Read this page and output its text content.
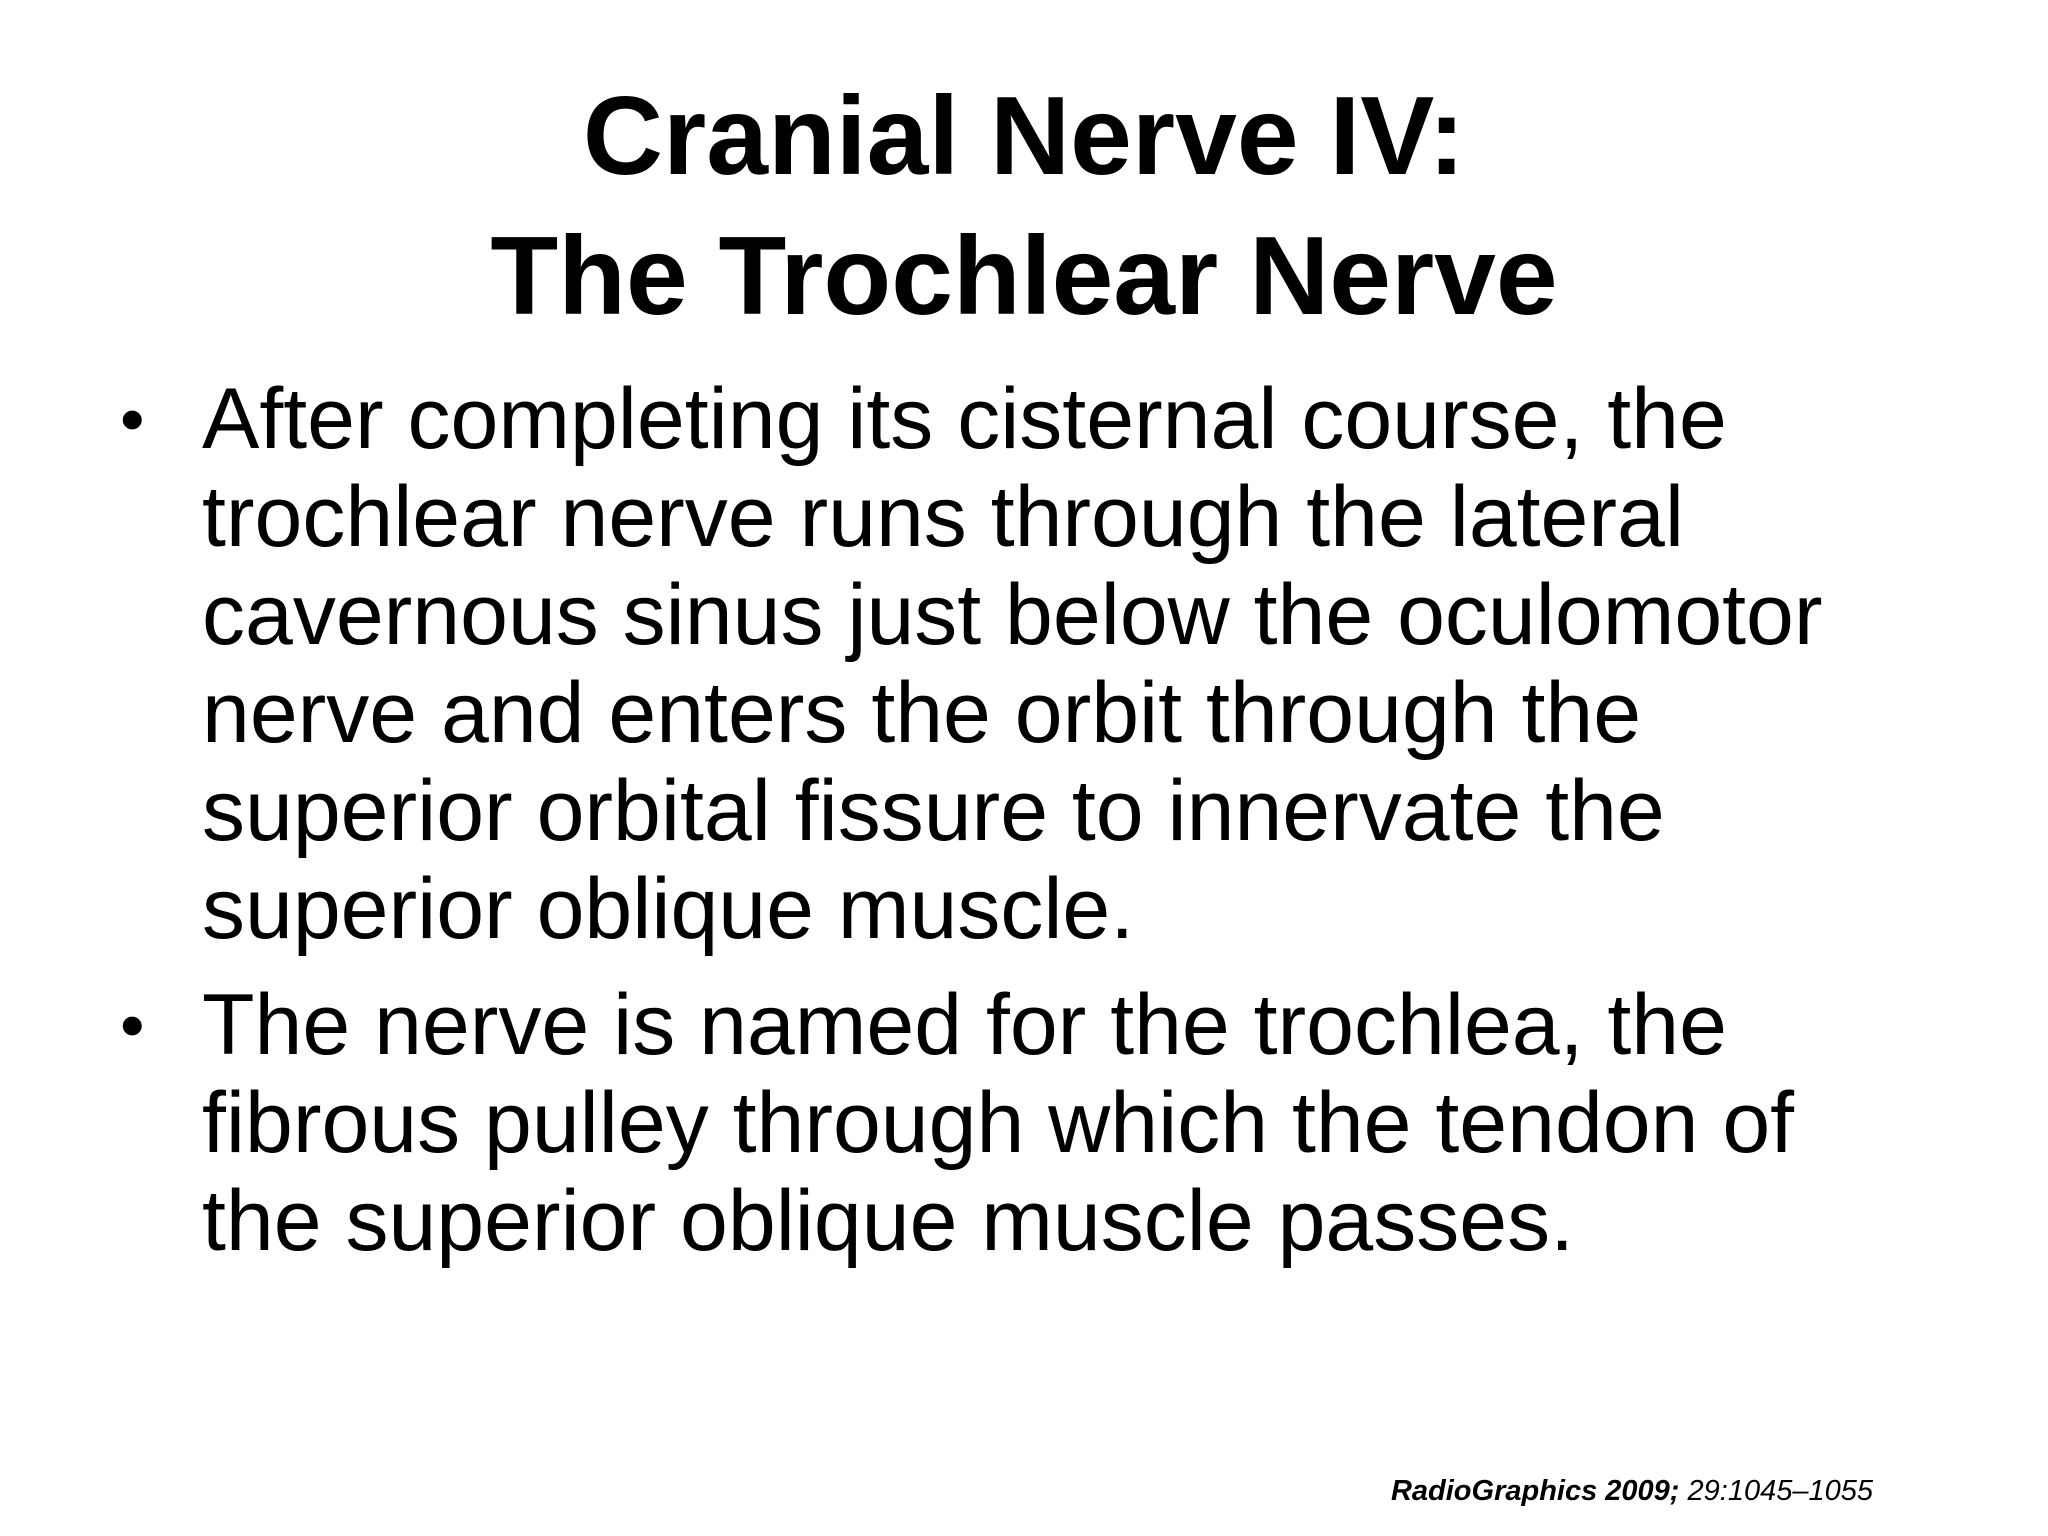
Cranial Nerve IV:
The Trochlear Nerve
• After completing its cisternal course, the
trochlear nerve runs through the lateral
cavernous sinus just below the oculomotor
nerve and enters the orbit through the
superior orbital fissure to innervate the
superior oblique muscle.
• The nerve is named for the trochlea, the
fibrous pulley through which the tendon of
the superior oblique muscle passes.
RadioGraphics 2009; 29:1045–1055
